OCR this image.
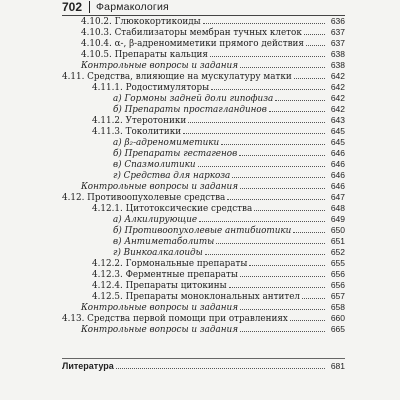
702 Фармакология
4.10.2. Глюкокортикоиды	636
4.10.3. Стабилизаторы мембран тучных клеток	637
4.10.4. α-, β-адреномиметики прямого действия	637
4.10.5. Препараты кальция	638
Контрольные вопросы и задания	638
4.11. Средства, влияющие на мускулатуру матки	642
4.11.1. Родостимуляторы	642
а) Гормоны задней доли гипофиза	642
б) Препараты простагландинов	642
4.11.2. Утеротоники	643
4.11.3. Токолитики	645
а) β₂-адреномиметики	645
б) Препараты гестагенов	646
в) Спазмолитики	646
г) Средства для наркоза	646
Контрольные вопросы и задания	646
4.12. Противоопухолевые средства	647
4.12.1. Цитотоксические средства	648
а) Алкилирующие	649
б) Противоопухолевые антибиотики	650
в) Антиметаболиты	651
г) Винкоалкалоиды	652
4.12.2. Гормональные препараты	655
4.12.3. Ферментные препараты	656
4.12.4. Препараты цитокины	656
4.12.5. Препараты моноклональных антител	657
Контрольные вопросы и задания	658
4.13. Средства первой помощи при отравлениях	660
Контрольные вопросы и задания	665
Литература	681
